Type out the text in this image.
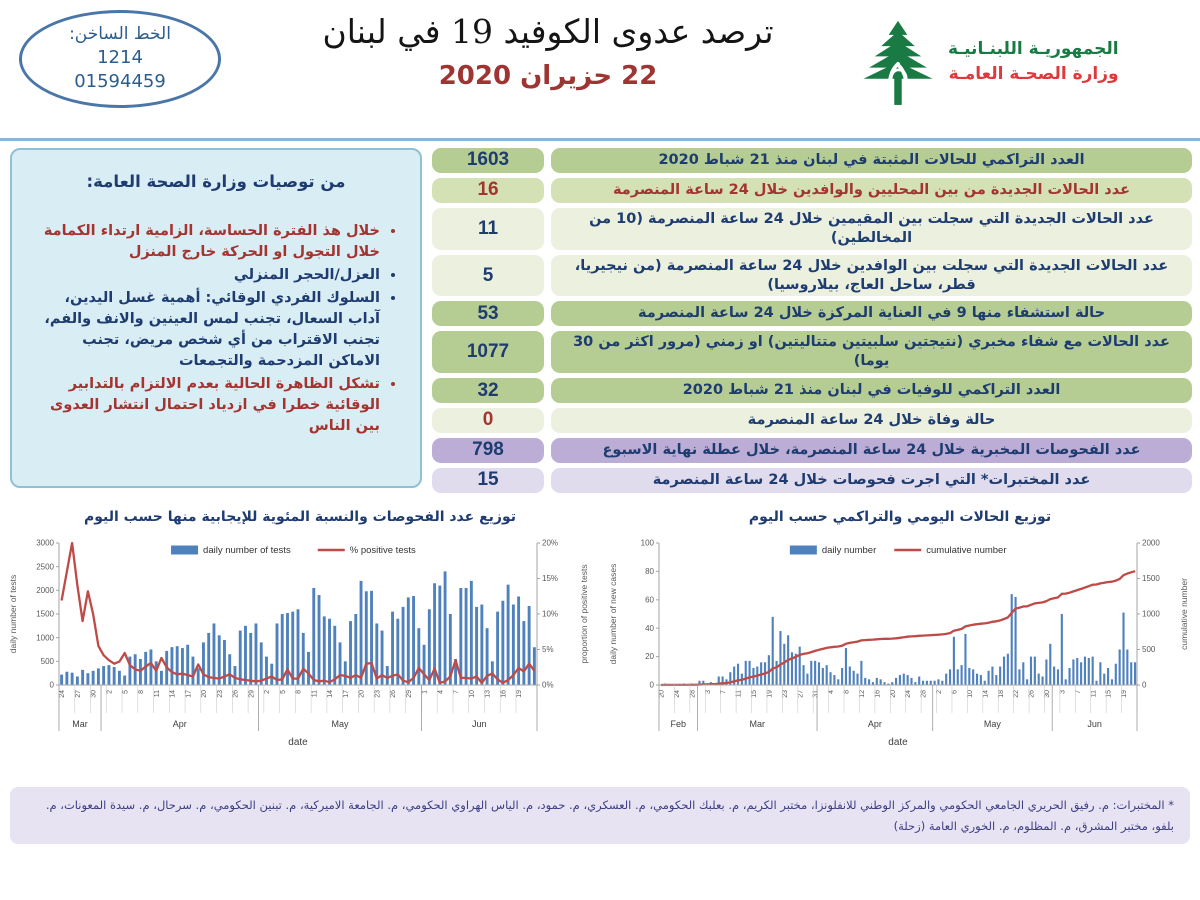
الخط الساخن:
1214
01594459
ترصد عدوى الكوفيد 19 في لبنان
22 حزيران 2020
الجمهوريـة اللبنـانيـة
وزارة الصحـة العامـة
من توصيات وزارة الصحة العامة:
• خلال هذ الفترة الحساسة، الزامية ارتداء الكمامة خلال التجول او الحركة خارج المنزل
• العزل/الحجر المنزلي
• السلوك الفردي الوقائي: أهمية غسل اليدين، آداب السعال، تجنب لمس العينين والانف والفم، تجنب الاقتراب من أي شخص مريض، تجنب الاماكن المزدحمة والتجمعات
• تشكل الظاهرة الحالية بعدم الالتزام بالتدابير الوقائية خطرا في ازدياد احتمال انتشار العدوى بين الناس
العدد التراكمي للحالات المثبتة في لبنان منذ 21 شباط 2020
1603
عدد الحالات الجديدة من بين المحليين والوافدين خلال 24 ساعة المنصرمة
16
عدد الحالات الجديدة التي سجلت بين المقيمين خلال 24 ساعة المنصرمة (10 من المخالطين)
11
عدد الحالات الجديدة التي سجلت بين الوافدين خلال 24 ساعة المنصرمة (من نيجيريا، قطر، ساحل العاج، بيلاروسيا)
5
حالة استشفاء منها 9 في العناية المركزة خلال 24 ساعة المنصرمة
53
عدد الحالات مع شفاء مخبري (نتيجتين سلبيتين متتاليتين) او زمني (مرور اكثر من 30 يوما)
1077
العدد التراكمي للوفيات في لبنان منذ 21 شباط 2020
32
حالة وفاة خلال 24 ساعة المنصرمة
0
عدد الفحوصات المخبرية خلال 24 ساعة المنصرمة، خلال عطلة نهاية الاسبوع
798
عدد المختبرات* التي اجرت فحوصات خلال 24 ساعة المنصرمة
15
توزيع عدد الفحوصات والنسبة المئوية للإيجابية منها حسب اليوم	توزيع الحالات اليومي والتراكمي حسب اليوم
0
500
1000
1500
2000
2500
3000
0%
5%
10%
15%
20%
daily number of tests	proportion of positive tests
24 27 30 2 5 8 11 14 17 20 23 26 29 2 5 8 11 14 17 20 23 26 29 1 4 7 10 13 16 19
Mar	Apr	May	Jun
date
daily number of tests	% positive tests
0
20
40
60
80
100
0
500
1000
1500
2000
daily number of new cases	cumulative number
20 24 28 3 7 11 15 19 23 27 31 4 8 12 16 20 24 28 2 6 10 14 18 22 26 30 3 7 11 15 19
Feb	Mar	Apr	May	Jun
date
daily number	cumulative number
* المختبرات: م. رفيق الحريري الجامعي الحكومي والمركز الوطني للانفلونزا، مختبر الكريم، م. بعلبك الحكومي، م. العسكري، م. حمود، م. الياس الهراوي الحكومي، م. الجامعة الاميركية، م. تبنين الحكومي، م. سرحال، م. سيدة المعونات، م. بلفو، مختبر المشرق، م. المظلوم، م. الخوري العامة (زحلة)
